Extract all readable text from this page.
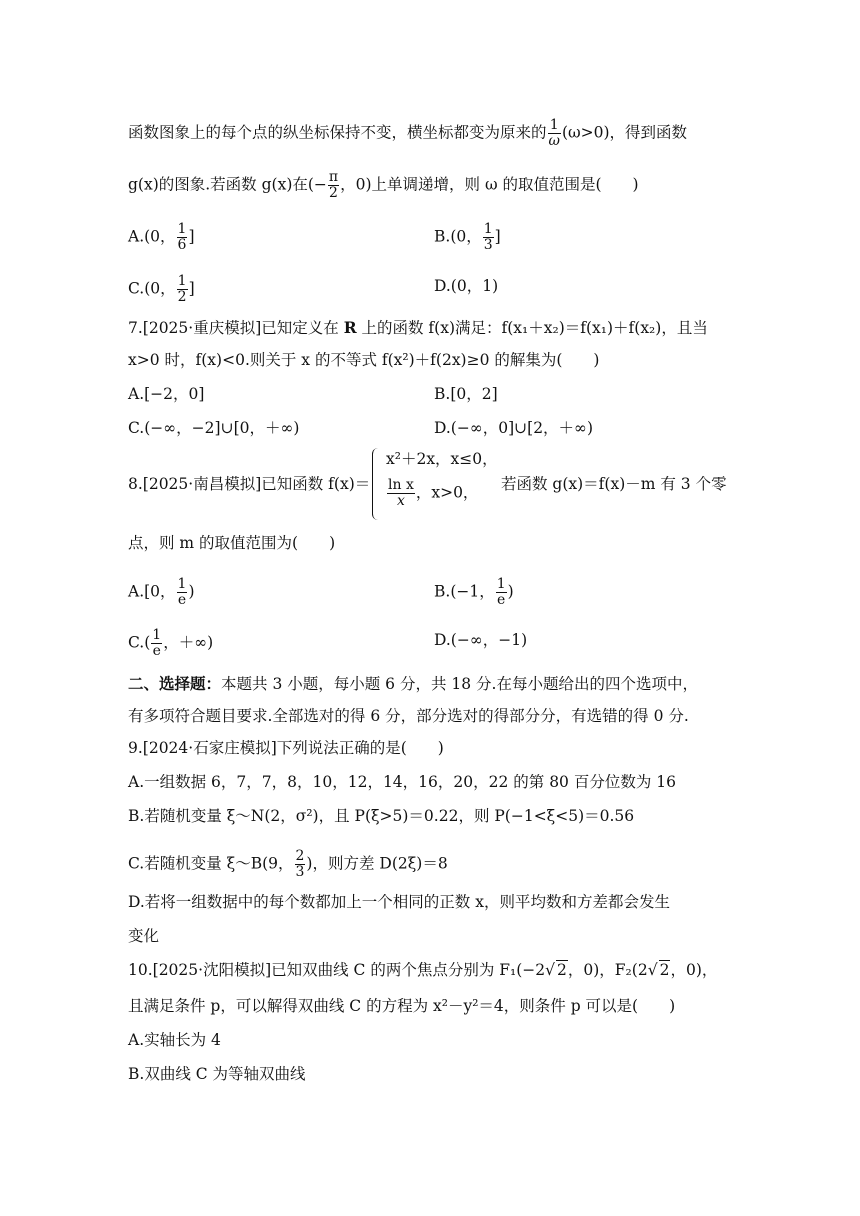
函数图象上的每个点的纵坐标保持不变，横坐标都变为原来的 $\frac{1}{\omega} (\omega>0)$，得到函数
g(x)的图象.若函数 g(x)在(− $\frac{\pi}{2}$ ，0)上单调递增，则 ω 的取值范围是(　　)
A.(0， $\frac{1}{6}$ ]	B.(0， $\frac{1}{3}$ ]
C.(0， $\frac{1}{2}$ ]	D.(0，1)
7.[2025·重庆模拟]已知定义在 R 上的函数 f(x)满足：f(x₁＋x₂)＝f(x₁)＋f(x₂)，且当
x>0 时，f(x)<0.则关于 x 的不等式 f(x²)＋f(2x)≥0 的解集为(　　)
A.[−2，0]	B.[0，2]
C.(−∞，−2]∪[0，＋∞)	D.(−∞，0]∪[2，＋∞)
8.[2025·南昌模拟]已知函数 f(x)＝
x²＋2x，x≤0，
$\frac{\text{ln x}}{x}$ ，x>0， 若函数 g(x)＝f(x)－m 有 3 个零
点，则 m 的取值范围为(　　)
A.[0， $\frac{1}{e}$ )	B.(−1， $\frac{1}{e}$ )
$C.( \frac{1}{e}$ ，＋∞)	D.(−∞，−1)
二、选择题：本题共 3 小题，每小题 6 分，共 18 分.在每小题给出的四个选项中，
有多项符合题目要求.全部选对的得 6 分，部分选对的得部分分，有选错的得 0 分.
9.[2024·石家庄模拟]下列说法正确的是(　　)
A.一组数据 6，7，7，8，10，12，14，16，20，22 的第 80 百分位数为 16
B.若随机变量 ξ～N(2，σ²)，且 P(ξ>5)＝0.22，则 P(−1<ξ<5)＝0.56
C.若随机变量 ξ～B(9， $\frac{2}{3}$ )，则方差 D(2ξ)＝8
D.若将一组数据中的每个数都加上一个相同的正数 x，则平均数和方差都会发生
变化
10.[2025·沈阳模拟]已知双曲线 C 的两个焦点分别为 F₁(−2√ 2，0)，F₂(2√ 2，0)，
且满足条件 p，可以解得双曲线 C 的方程为 x²－y²＝4，则条件 p 可以是(　　)
A.实轴长为 4
B.双曲线 C 为等轴双曲线
